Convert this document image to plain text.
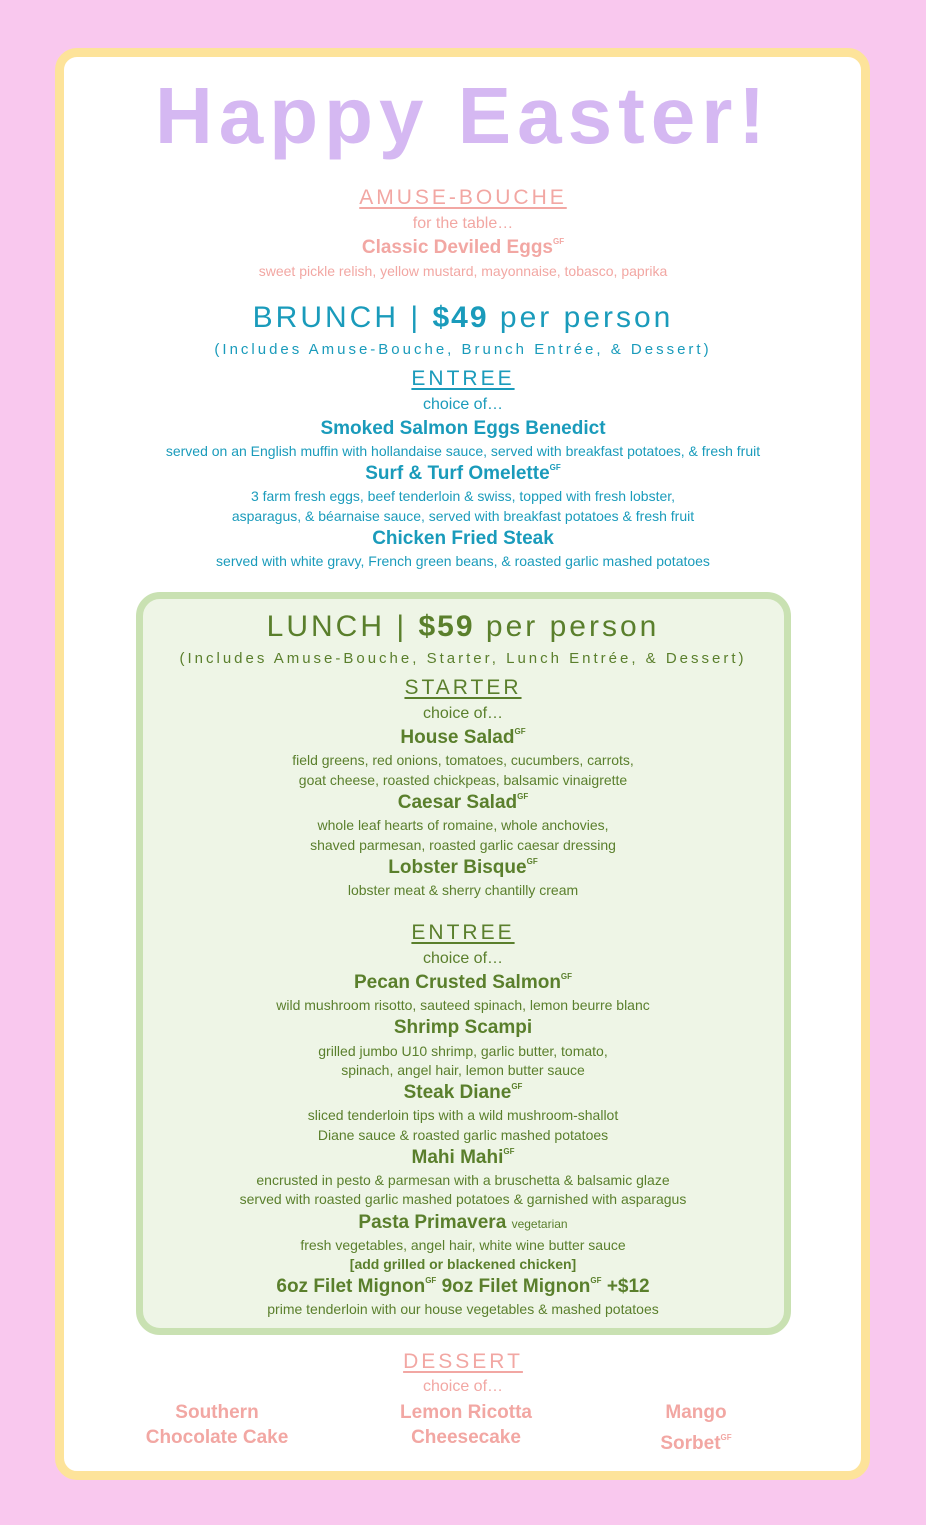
Happy Easter!
AMUSE-BOUCHE
for the table…
Classic Deviled Eggs$^{GF}$
sweet pickle relish, yellow mustard, mayonnaise, tobasco, paprika
BRUNCH | $49 per person
(Includes Amuse-Bouche, Brunch Entrée, & Dessert)
ENTREE
choice of…
Smoked Salmon Eggs Benedict
served on an English muffin with hollandaise sauce, served with breakfast potatoes, & fresh fruit
Surf & Turf Omelette$^{GF}$
3 farm fresh eggs, beef tenderloin & swiss, topped with fresh lobster,
asparagus, & béarnaise sauce, served with breakfast potatoes & fresh fruit
Chicken Fried Steak
served with white gravy, French green beans, & roasted garlic mashed potatoes
LUNCH | $59 per person
(Includes Amuse-Bouche, Starter, Lunch Entrée, & Dessert)
STARTER
choice of…
House Salad$^{GF}$
field greens, red onions, tomatoes, cucumbers, carrots,
goat cheese, roasted chickpeas, balsamic vinaigrette
Caesar Salad$^{GF}$
whole leaf hearts of romaine, whole anchovies,
shaved parmesan, roasted garlic caesar dressing
Lobster Bisque$^{GF}$
lobster meat & sherry chantilly cream
ENTREE
choice of…
Pecan Crusted Salmon$^{GF}$
wild mushroom risotto, sauteed spinach, lemon beurre blanc
Shrimp Scampi
grilled jumbo U10 shrimp, garlic butter, tomato,
spinach, angel hair, lemon butter sauce
Steak Diane$^{GF}$
sliced tenderloin tips with a wild mushroom-shallot
Diane sauce & roasted garlic mashed potatoes
Mahi Mahi$^{GF}$
encrusted in pesto & parmesan with a bruschetta & balsamic glaze
served with roasted garlic mashed potatoes & garnished with asparagus
Pasta Primavera vegetarian
fresh vegetables, angel hair, white wine butter sauce
[add grilled or blackened chicken]
6oz Filet Mignon$^{GF}$ 9oz Filet Mignon$^{GF}$ +$12
prime tenderloin with our house vegetables & mashed potatoes
DESSERT
choice of…
Southern
Chocolate Cake
Lemon Ricotta
Cheesecake
Mango
Sorbet$^{GF}$
